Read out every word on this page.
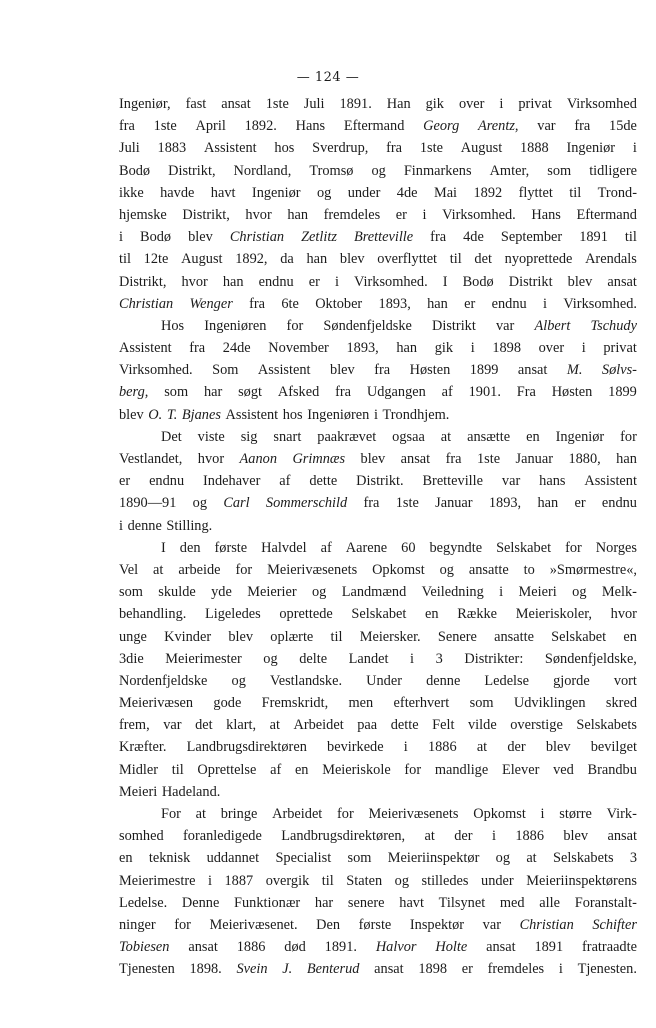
— 124 —
Ingeniør, fast ansat 1ste Juli 1891. Han gik over i privat Virksomhed
fra 1ste April 1892. Hans Eftermand Georg Arentz, var fra 15de
Juli 1883 Assistent hos Sverdrup, fra 1ste August 1888 Ingeniør i
Bodø Distrikt, Nordland, Tromsø og Finmarkens Amter, som tidligere
ikke havde havt Ingeniør og under 4de Mai 1892 flyttet til Trond-
hjemske Distrikt, hvor han fremdeles er i Virksomhed. Hans Eftermand
i Bodø blev Christian Zetlitz Bretteville fra 4de September 1891 til
til 12te August 1892, da han blev overflyttet til det nyoprettede Arendals
Distrikt, hvor han endnu er i Virksomhed. I Bodø Distrikt blev ansat
Christian Wenger fra 6te Oktober 1893, han er endnu i Virksomhed.
Hos Ingeniøren for Søndenfjeldske Distrikt var Albert Tschudy
Assistent fra 24de November 1893, han gik i 1898 over i privat
Virksomhed. Som Assistent blev fra Høsten 1899 ansat M. Sølvs-
berg, som har søgt Afsked fra Udgangen af 1901. Fra Høsten 1899
blev O. T. Bjanes Assistent hos Ingeniøren i Trondhjem.
Det viste sig snart paakrævet ogsaa at ansætte en Ingeniør for
Vestlandet, hvor Aanon Grimnæs blev ansat fra 1ste Januar 1880, han
er endnu Indehaver af dette Distrikt. Bretteville var hans Assistent
1890—91 og Carl Sommerschild fra 1ste Januar 1893, han er endnu
i denne Stilling.
I den første Halvdel af Aarene 60 begyndte Selskabet for Norges
Vel at arbeide for Meierivæsenets Opkomst og ansatte to »Smørmestre«,
som skulde yde Meierier og Landmænd Veiledning i Meieri og Melk-
behandling. Ligeledes oprettede Selskabet en Række Meieriskoler, hvor
unge Kvinder blev oplærte til Meiersker. Senere ansatte Selskabet en
3die Meierimester og delte Landet i 3 Distrikter: Søndenfjeldske,
Nordenfjeldske og Vestlandske. Under denne Ledelse gjorde vort
Meierivæsen gode Fremskridt, men efterhvert som Udviklingen skred
frem, var det klart, at Arbeidet paa dette Felt vilde overstige Selskabets
Kræfter. Landbrugsdirektøren bevirkede i 1886 at der blev bevilget
Midler til Oprettelse af en Meieriskole for mandlige Elever ved Brandbu
Meieri Hadeland.
For at bringe Arbeidet for Meierivæsenets Opkomst i større Virk-
somhed foranledigede Landbrugsdirektøren, at der i 1886 blev ansat
en teknisk uddannet Specialist som Meieriinspektør og at Selskabets 3
Meierimestre i 1887 overgik til Staten og stilledes under Meieriinspektørens
Ledelse. Denne Funktionær har senere havt Tilsynet med alle Foranstalt-
ninger for Meierivæsenet. Den første Inspektør var Christian Schifter
Tobiesen ansat 1886 død 1891. Halvor Holte ansat 1891 fratraadte
Tjenesten 1898. Svein J. Benterud ansat 1898 er fremdeles i Tjenesten.
